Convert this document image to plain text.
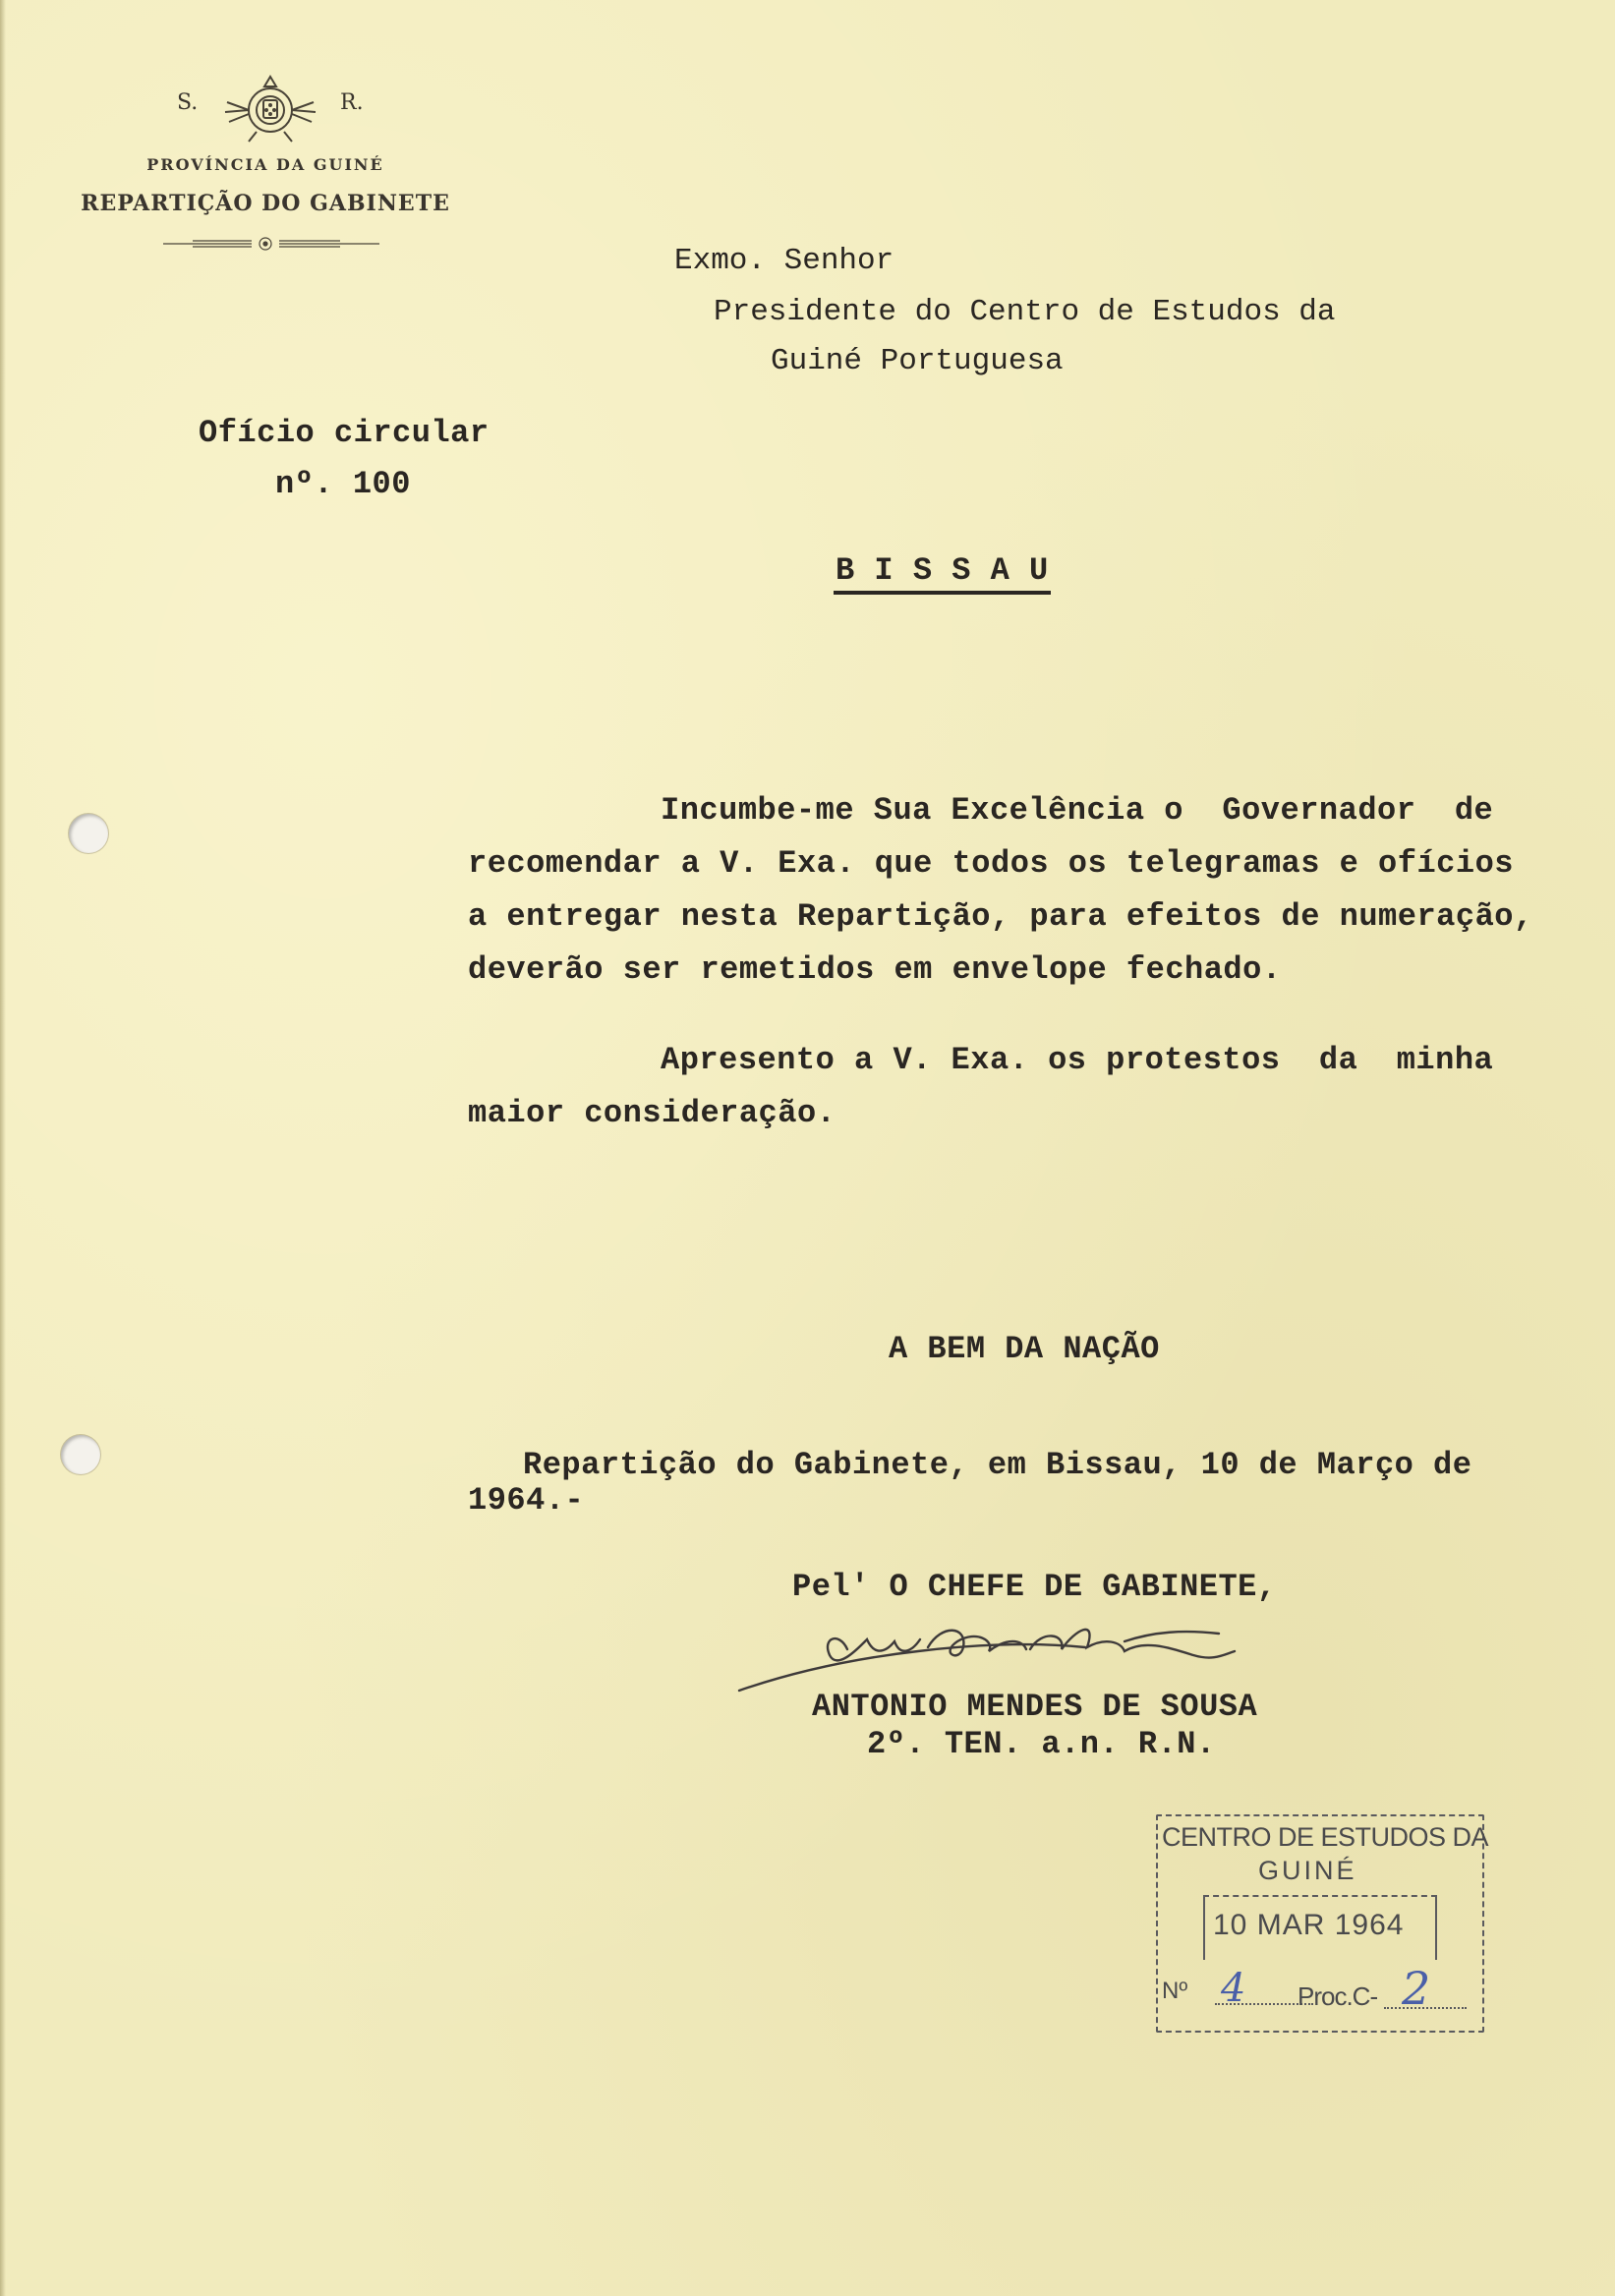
S.	R.
PROVÍNCIA DA GUINÉ
REPARTIÇÃO DO GABINETE
Exmo. Senhor
Presidente do Centro de Estudos da
Guiné Portuguesa
Ofício circular
nº. 100
B I S S A U
Incumbe-me Sua Excelência o  Governador  de
recomendar a V. Exa. que todos os telegramas e ofícios
a entregar nesta Repartição, para efeitos de numeração,
deverão ser remetidos em envelope fechado.
Apresento a V. Exa. os protestos  da  minha
maior consideração.
A BEM DA NAÇÃO
Repartição do Gabinete, em Bissau, 10 de Março de
1964.-
Pel' O CHEFE DE GABINETE,
ANTONIO MENDES DE SOUSA
2º. TEN. a.n. R.N.
CENTRO DE ESTUDOS DA
GUINÉ
10 MAR 1964
Nº 4 Proc.C- 2
